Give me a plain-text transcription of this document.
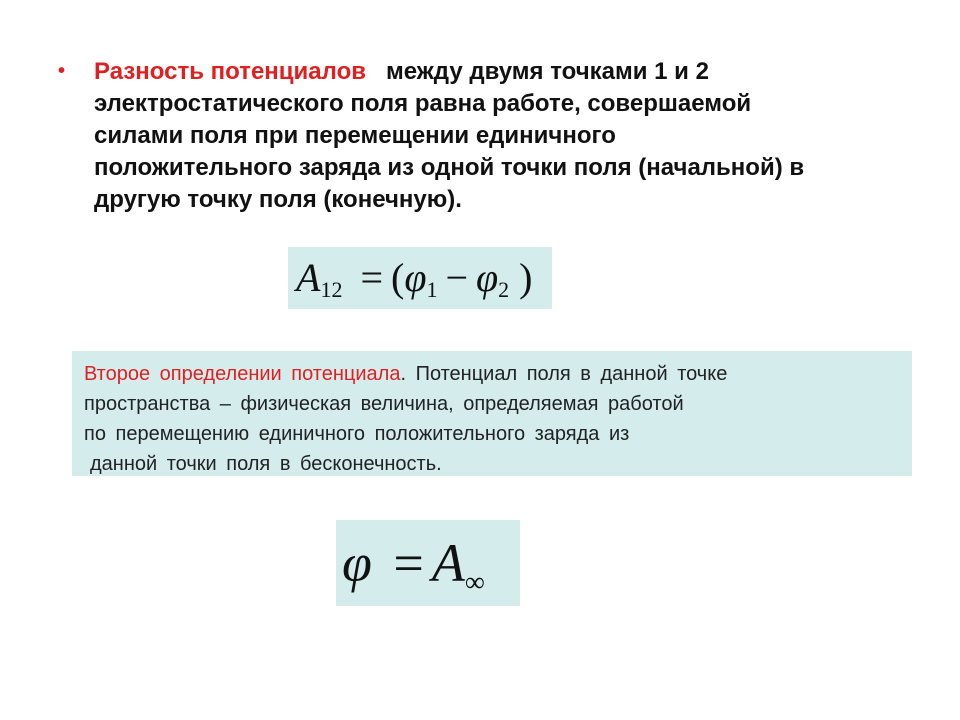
• Разность потенциалов между двумя точками 1 и 2
электростатического поля равна работе, совершаемой
силами поля при перемещении единичного
положительного заряда из одной точки поля (начальной) в
другую точку поля (конечную).
$A_{12} = (\varphi_1 - \varphi_2$ )
Второе определении потенциала. Потенциал поля в данной точке
пространства – физическая величина, определяемая работой
по перемещению единичного положительного заряда из
данной точки поля в бесконечность.
φ = A∞
